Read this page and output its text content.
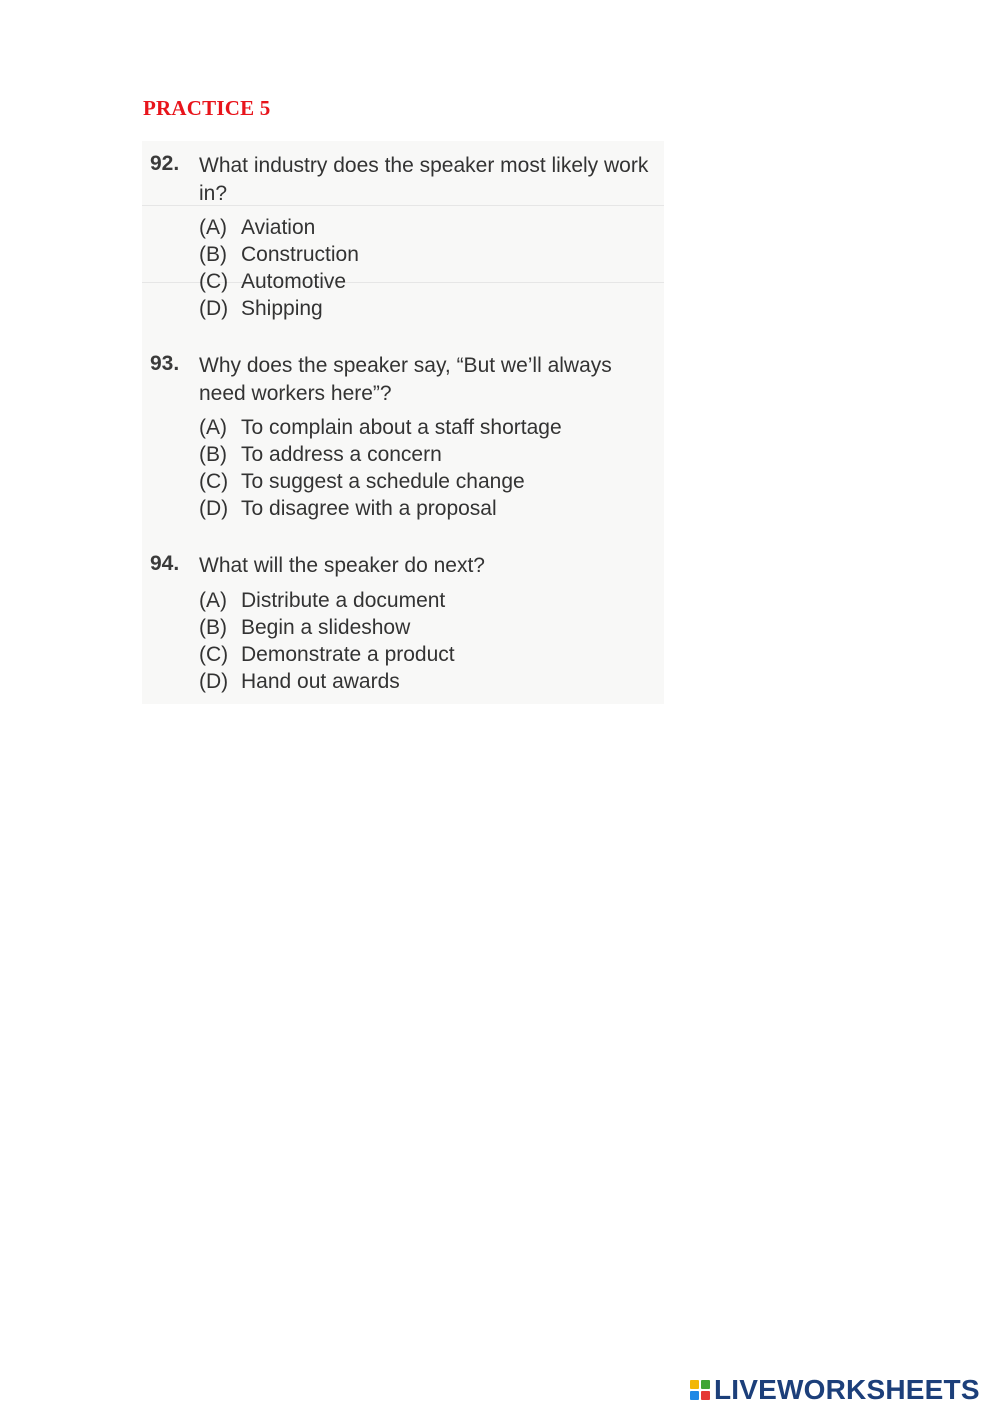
PRACTICE 5
92. What industry does the speaker most likely work in?
(A) Aviation
(B) Construction
(C) Automotive
(D) Shipping
93. Why does the speaker say, “But we’ll always need workers here”?
(A) To complain about a staff shortage
(B) To address a concern
(C) To suggest a schedule change
(D) To disagree with a proposal
94. What will the speaker do next?
(A) Distribute a document
(B) Begin a slideshow
(C) Demonstrate a product
(D) Hand out awards
LIVEWORKSHEETS
